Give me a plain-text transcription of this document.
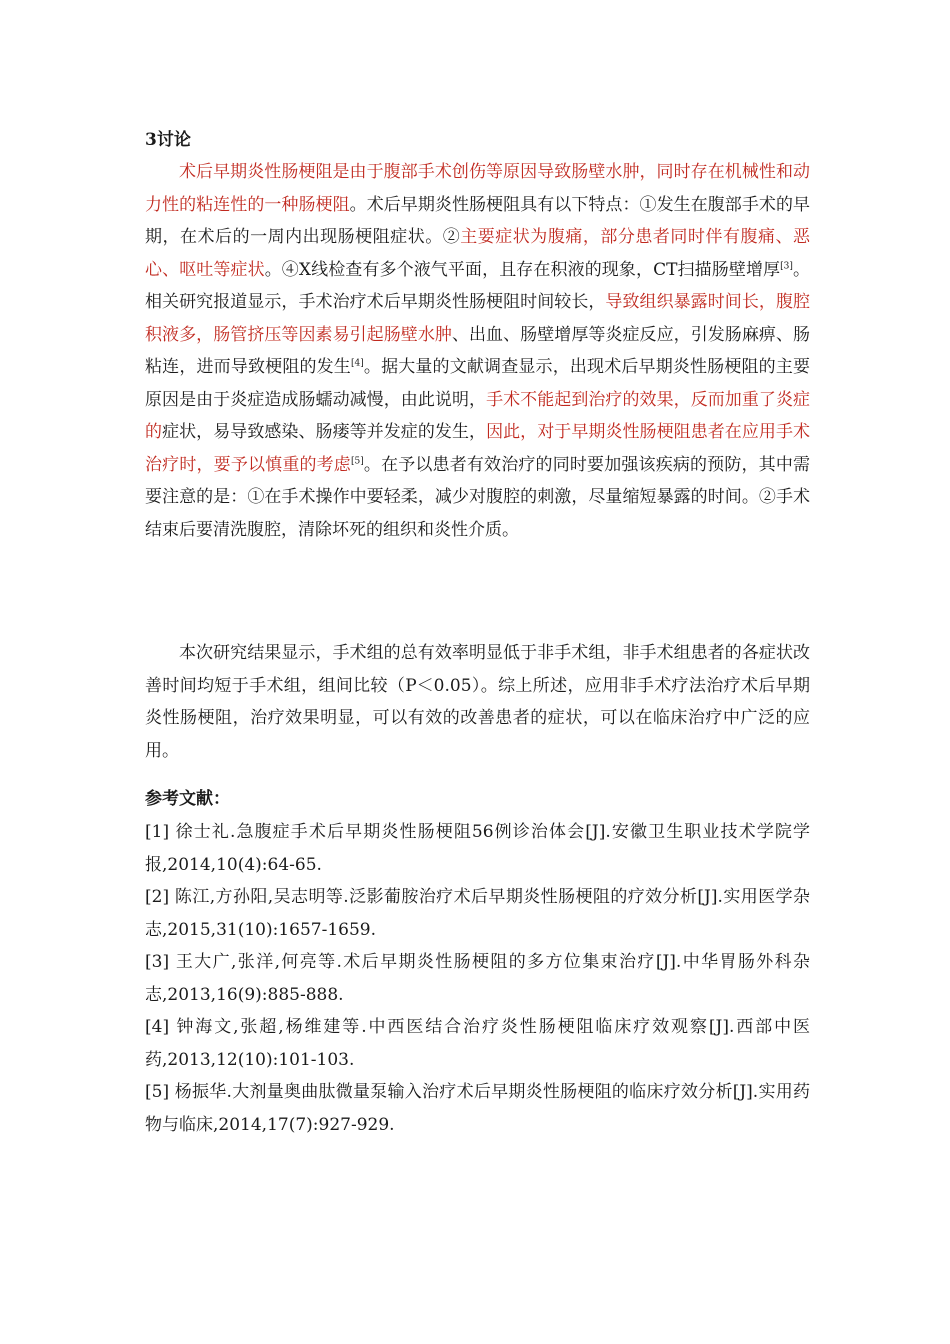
3讨论

术后早期炎性肠梗阻是由于腹部手术创伤等原因导致肠壁水肿，同时存在机械性和动力性的粘连性的一种肠梗阻。术后早期炎性肠梗阻具有以下特点：①发生在腹部手术的早期，在术后的一周内出现肠梗阻症状。②主要症状为腹痛，部分患者同时伴有腹痛、恶心、呕吐等症状。④X线检查有多个液气平面，且存在积液的现象，CT扫描肠壁增厚[3]。相关研究报道显示，手术治疗术后早期炎性肠梗阻时间较长，导致组织暴露时间长，腹腔积液多，肠管挤压等因素易引起肠壁水肿、出血、肠壁增厚等炎症反应，引发肠麻痹、肠粘连，进而导致梗阻的发生[4]。据大量的文献调查显示，出现术后早期炎性肠梗阻的主要原因是由于炎症造成肠蠕动减慢，由此说明，手术不能起到治疗的效果，反而加重了炎症的症状，易导致感染、肠瘘等并发症的发生，因此，对于早期炎性肠梗阻患者在应用手术治疗时，要予以慎重的考虑[5]。在予以患者有效治疗的同时要加强该疾病的预防，其中需要注意的是：①在手术操作中要轻柔，减少对腹腔的刺激，尽量缩短暴露的时间。②手术结束后要清洗腹腔，清除坏死的组织和炎性介质。

本次研究结果显示，手术组的总有效率明显低于非手术组，非手术组患者的各症状改善时间均短于手术组，组间比较（P＜0.05）。综上所述，应用非手术疗法治疗术后早期炎性肠梗阻，治疗效果明显，可以有效的改善患者的症状，可以在临床治疗中广泛的应用。

参考文献：

[1] 徐士礼.急腹症手术后早期炎性肠梗阻56例诊治体会[J].安徽卫生职业技术学院学报,2014,10(4):64-65.

[2] 陈江,方孙阳,吴志明等.泛影葡胺治疗术后早期炎性肠梗阻的疗效分析[J].实用医学杂志,2015,31(10):1657-1659.

[3] 王大广,张洋,何亮等.术后早期炎性肠梗阻的多方位集束治疗[J].中华胃肠外科杂志,2013,16(9):885-888.

[4] 钟海文,张超,杨维建等.中西医结合治疗炎性肠梗阻临床疗效观察[J].西部中医药,2013,12(10):101-103.

[5] 杨振华.大剂量奥曲肽微量泵输入治疗术后早期炎性肠梗阻的临床疗效分析[J].实用药物与临床,2014,17(7):927-929.
